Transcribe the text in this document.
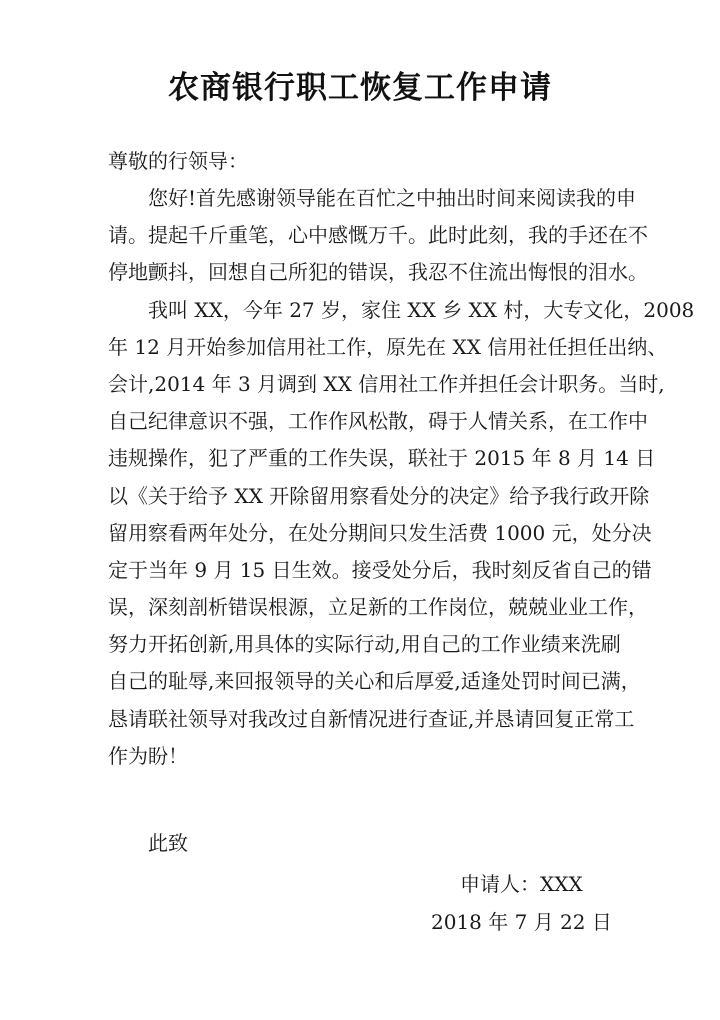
农商银行职工恢复工作申请
尊敬的行领导：
您好!首先感谢领导能在百忙之中抽出时间来阅读我的申
请。提起千斤重笔，心中感慨万千。此时此刻，我的手还在不
停地颤抖，回想自己所犯的错误，我忍不住流出悔恨的泪水。
我叫 XX，今年 27 岁，家住 XX 乡 XX 村，大专文化，2008
年 12 月开始参加信用社工作，原先在 XX 信用社任担任出纳、
会计,2014 年 3 月调到 XX 信用社工作并担任会计职务。当时,
自己纪律意识不强，工作作风松散，碍于人情关系，在工作中
违规操作，犯了严重的工作失误，联社于 2015 年 8 月 14 日
以《关于给予 XX 开除留用察看处分的决定》给予我行政开除
留用察看两年处分，在处分期间只发生活费 1000 元，处分决
定于当年 9 月 15 日生效。接受处分后，我时刻反省自己的错
误，深刻剖析错误根源，立足新的工作岗位，兢兢业业工作，
努力开拓创新,用具体的实际行动,用自己的工作业绩来洗刷
自己的耻辱,来回报领导的关心和后厚爱,适逢处罚时间已满，
恳请联社领导对我改过自新情况进行查证,并恳请回复正常工
作为盼！
此致
申请人：XXX
2018 年 7 月 22 日
